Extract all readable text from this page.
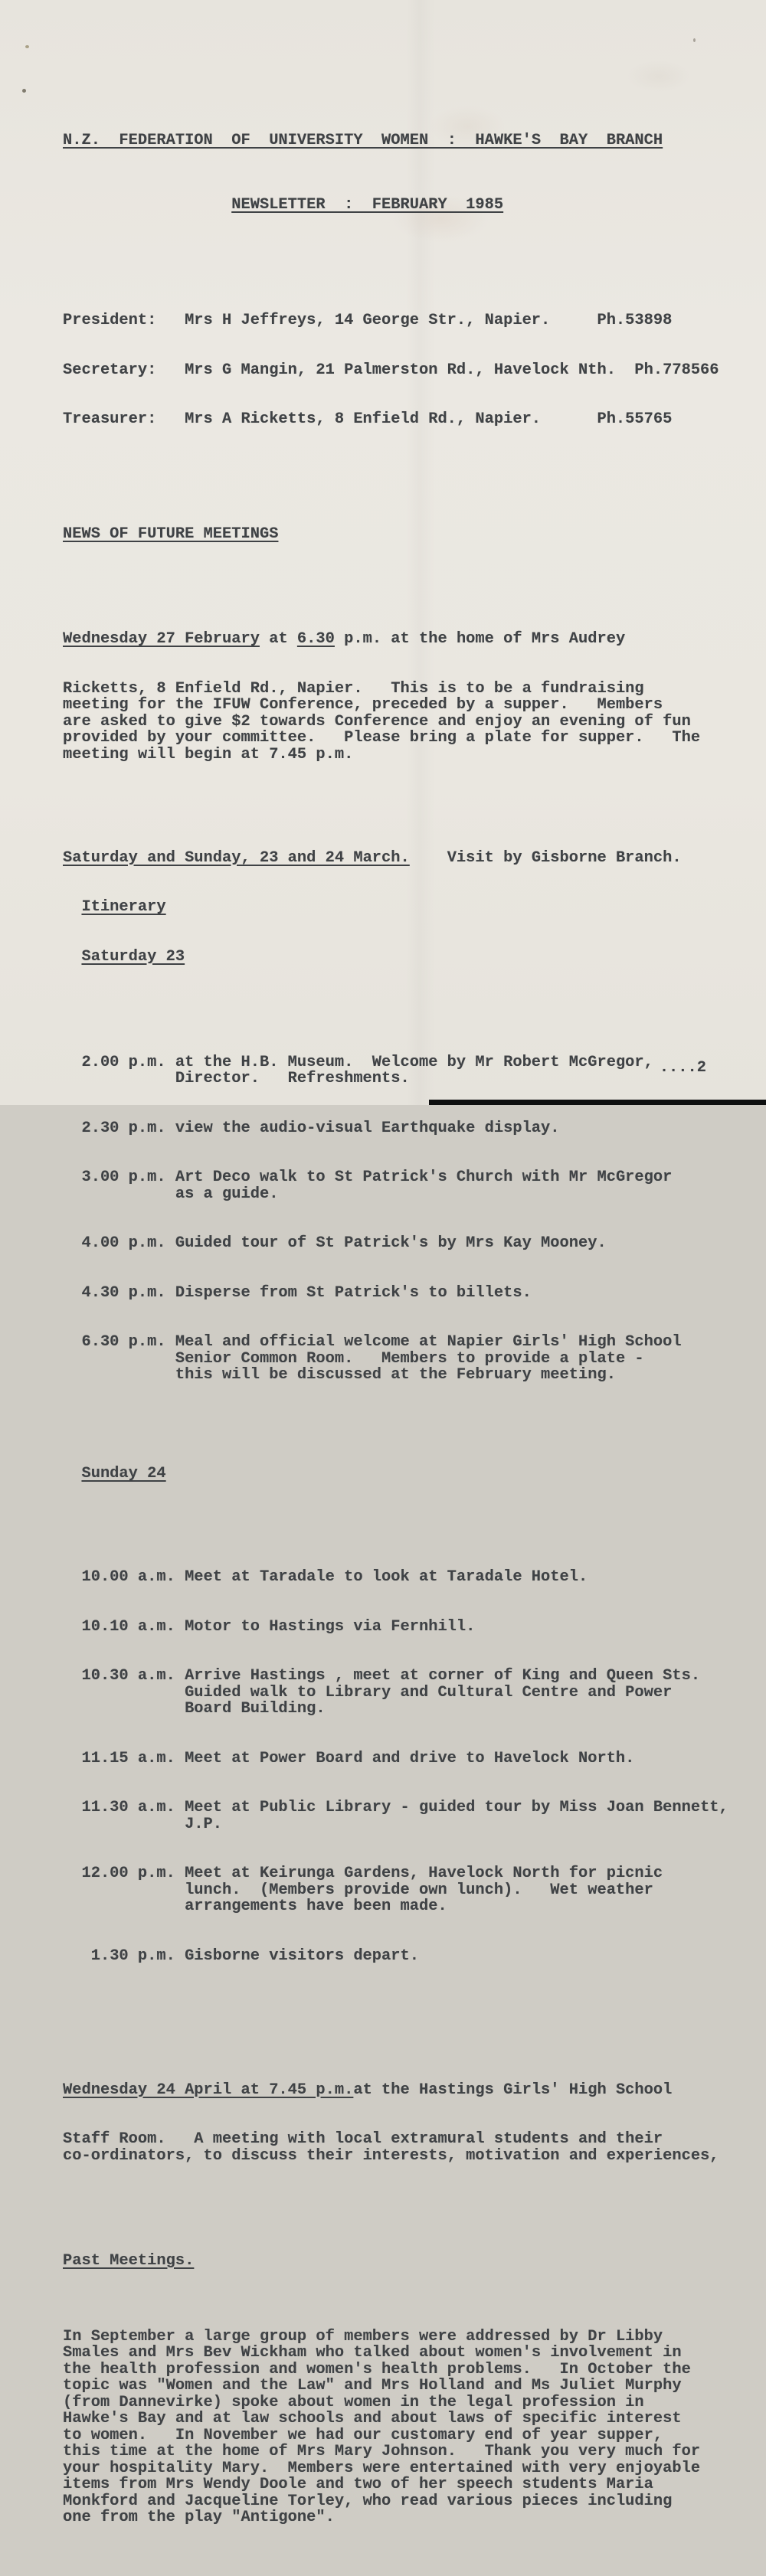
N.Z.  FEDERATION  OF  UNIVERSITY  WOMEN  :  HAWKE'S  BAY  BRANCH

NEWSLETTER  :  FEBRUARY  1985

President:	Mrs H Jeffreys, 14 George Str., Napier.	Ph.53898

Secretary:	Mrs G Mangin, 21 Palmerston Rd., Havelock Nth. Ph.778566

Treasurer:	Mrs A Ricketts, 8 Enfield Rd., Napier.	Ph.55765

NEWS OF FUTURE MEETINGS

Wednesday 27 February at 6.30 p.m. at the home of Mrs Audrey

Ricketts, 8 Enfield Rd., Napier.   This is to be a fundraising
meeting for the IFUW Conference, preceded by a supper.   Members
are asked to give $2 towards Conference and enjoy an evening of fun
provided by your committee.   Please bring a plate for supper.   The
meeting will begin at 7.45 p.m.

Saturday and Sunday, 23 and 24 March.    Visit by Gisborne Branch.

Itinerary

Saturday 23

2.00 p.m. at the H.B. Museum.  Welcome by Mr Robert McGregor,
Director.   Refreshments.

2.30 p.m. view the audio-visual Earthquake display.

3.00 p.m. Art Deco walk to St Patrick's Church with Mr McGregor
as a guide.

4.00 p.m. Guided tour of St Patrick's by Mrs Kay Mooney.

4.30 p.m. Disperse from St Patrick's to billets.

6.30 p.m. Meal and official welcome at Napier Girls' High School
Senior Common Room.   Members to provide a plate -
this will be discussed at the February meeting.

Sunday 24

10.00 a.m. Meet at Taradale to look at Taradale Hotel.

10.10 a.m. Motor to Hastings via Fernhill.

10.30 a.m. Arrive Hastings , meet at corner of King and Queen Sts.
Guided walk to Library and Cultural Centre and Power
Board Building.

11.15 a.m. Meet at Power Board and drive to Havelock North.

11.30 a.m. Meet at Public Library - guided tour by Miss Joan Bennett,
J.P.

12.00 p.m. Meet at Keirunga Gardens, Havelock North for picnic
lunch.  (Members provide own lunch).   Wet weather
arrangements have been made.

1.30 p.m. Gisborne visitors depart.

Wednesday 24 April at 7.45 p.m.at the Hastings Girls' High School

Staff Room.   A meeting with local extramural students and their
co-ordinators, to discuss their interests, motivation and experiences,

Past Meetings.

In September a large group of members were addressed by Dr Libby
Smales and Mrs Bev Wickham who talked about women's involvement in
the health profession and women's health problems.   In October the
topic was "Women and the Law" and Mrs Holland and Ms Juliet Murphy
(from Dannevirke) spoke about women in the legal profession in
Hawke's Bay and at law schools and about laws of specific interest
to women.   In November we had our customary end of year supper,
this time at the home of Mrs Mary Johnson.   Thank you very much for
your hospitality Mary.  Members were entertained with very enjoyable
items from Mrs Wendy Doole and two of her speech students Maria
Monkford and Jacqueline Torley, who read various pieces including
one from the play "Antigone".

....2
